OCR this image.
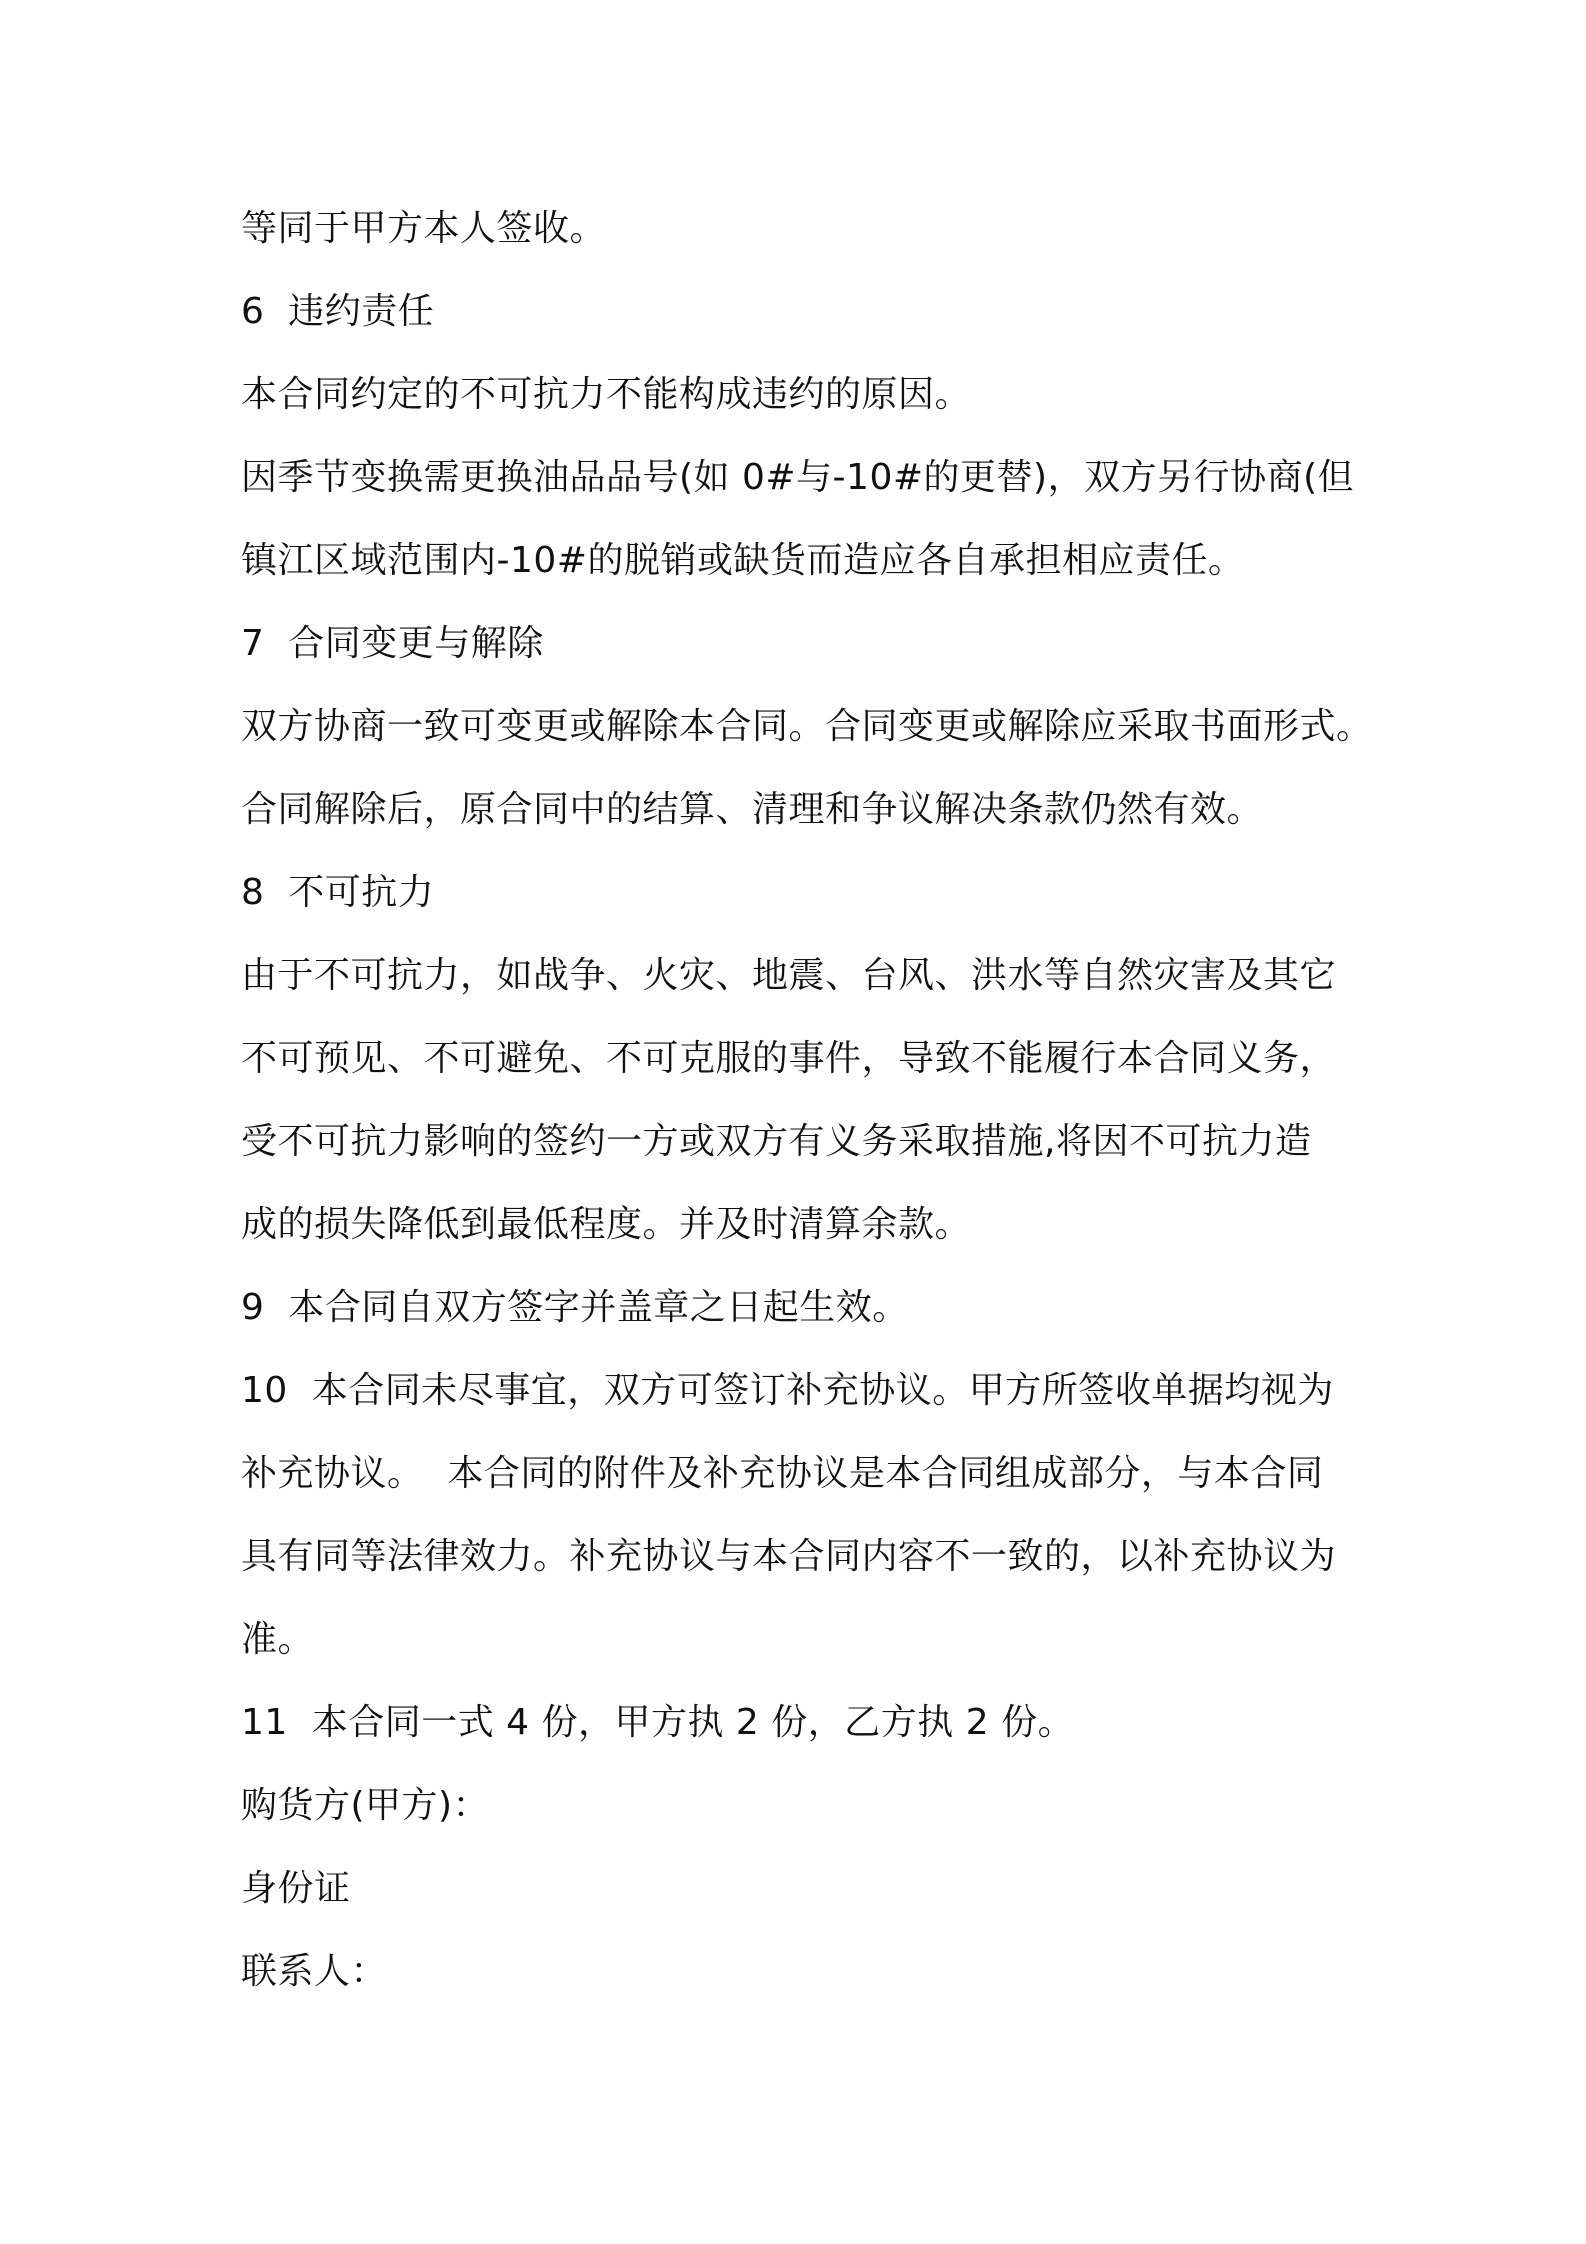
等同于甲方本人签收。
6  违约责任
本合同约定的不可抗力不能构成违约的原因。
因季节变换需更换油品品号(如 0#与-10#的更替)，双方另行协商(但
镇江区域范围内-10#的脱销或缺货而造应各自承担相应责任。
7  合同变更与解除
双方协商一致可变更或解除本合同。合同变更或解除应采取书面形式。
合同解除后，原合同中的结算、清理和争议解决条款仍然有效。
8  不可抗力
由于不可抗力，如战争、火灾、地震、台风、洪水等自然灾害及其它
不可预见、不可避免、不可克服的事件，导致不能履行本合同义务，
受不可抗力影响的签约一方或双方有义务采取措施,将因不可抗力造
成的损失降低到最低程度。并及时清算余款。
9  本合同自双方签字并盖章之日起生效。
10  本合同未尽事宜，双方可签订补充协议。甲方所签收单据均视为
补充协议。  本合同的附件及补充协议是本合同组成部分，与本合同
具有同等法律效力。补充协议与本合同内容不一致的，以补充协议为
准。
11  本合同一式 4 份，甲方执 2 份，乙方执 2 份。
购货方(甲方)：
身份证
联系人：
